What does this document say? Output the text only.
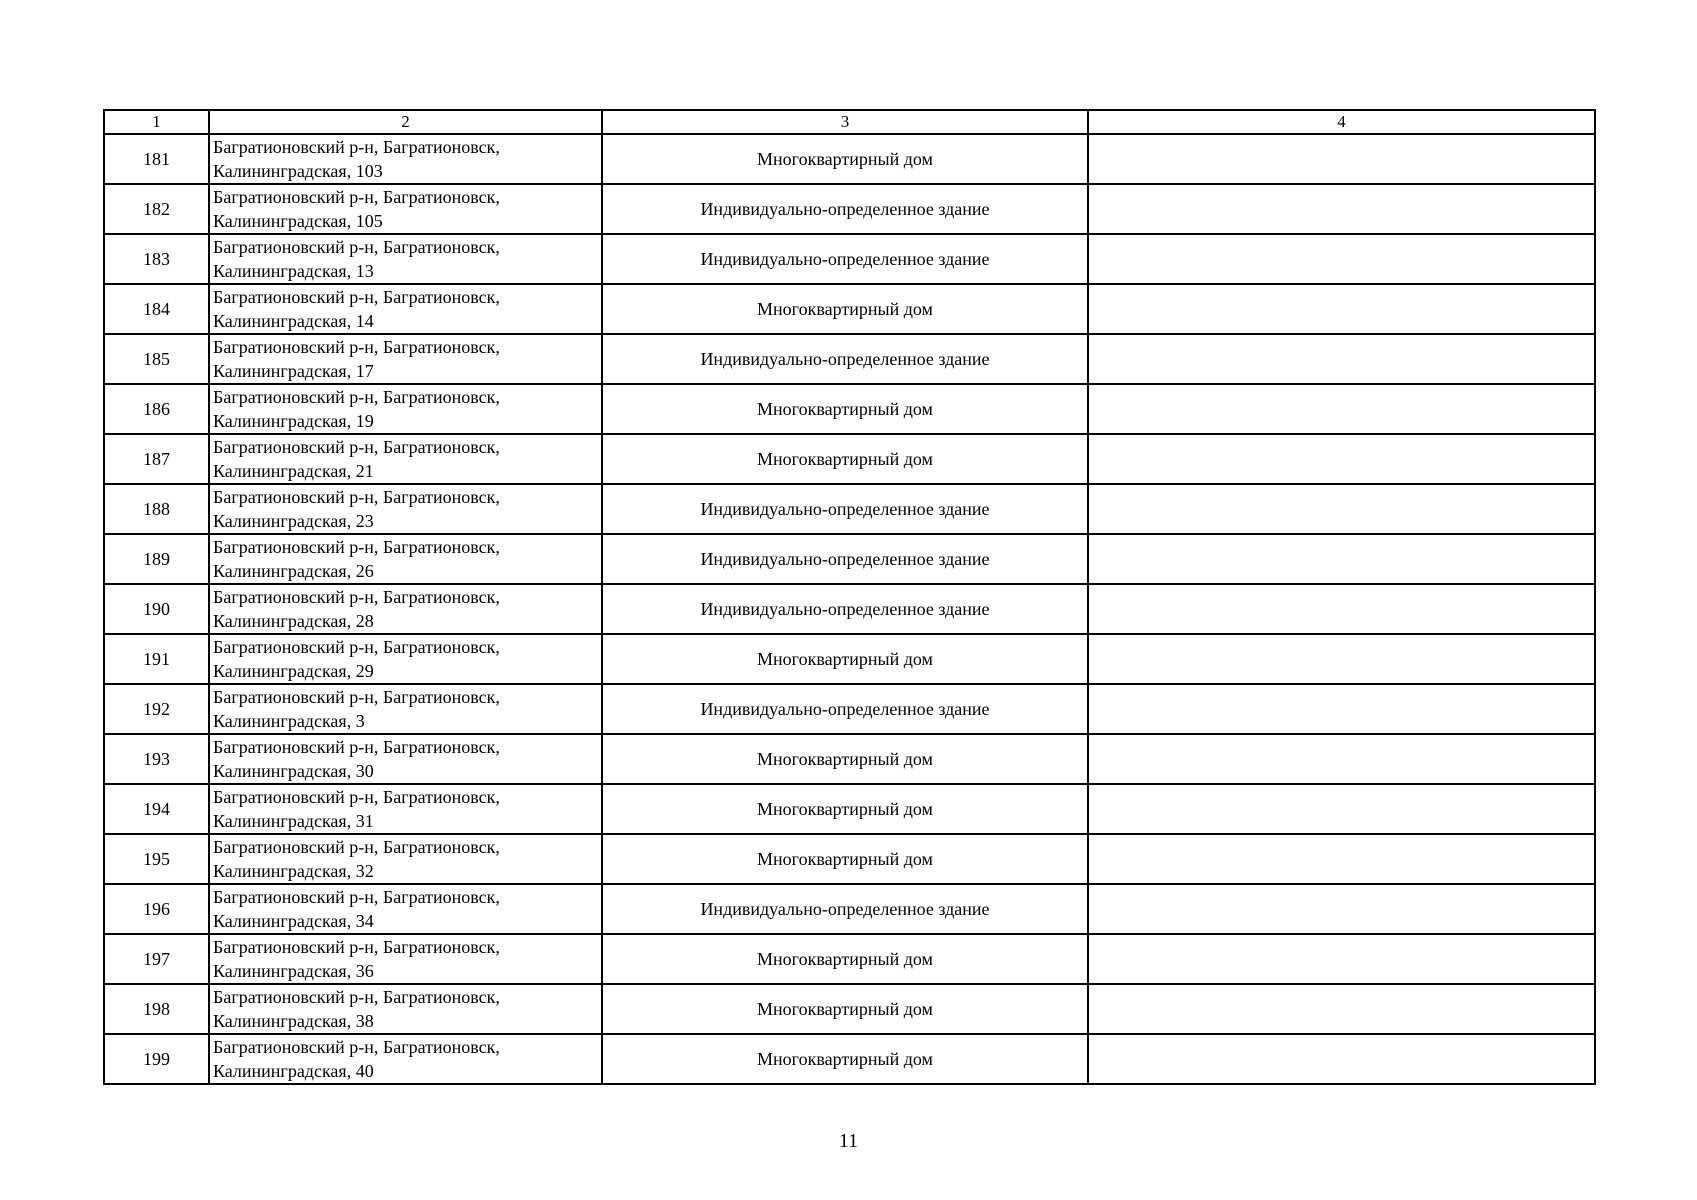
1	2	3	4
181	Багратионовский р-н, Багратионовск,
Калининградская, 103	Многоквартирный дом	
182	Багратионовский р-н, Багратионовск,
Калининградская, 105	Индивидуально-определенное здание	
183	Багратионовский р-н, Багратионовск,
Калининградская, 13	Индивидуально-определенное здание	
184	Багратионовский р-н, Багратионовск,
Калининградская, 14	Многоквартирный дом	
185	Багратионовский р-н, Багратионовск,
Калининградская, 17	Индивидуально-определенное здание	
186	Багратионовский р-н, Багратионовск,
Калининградская, 19	Многоквартирный дом	
187	Багратионовский р-н, Багратионовск,
Калининградская, 21	Многоквартирный дом	
188	Багратионовский р-н, Багратионовск,
Калининградская, 23	Индивидуально-определенное здание	
189	Багратионовский р-н, Багратионовск,
Калининградская, 26	Индивидуально-определенное здание	
190	Багратионовский р-н, Багратионовск,
Калининградская, 28	Индивидуально-определенное здание	
191	Багратионовский р-н, Багратионовск,
Калининградская, 29	Многоквартирный дом	
192	Багратионовский р-н, Багратионовск,
Калининградская, 3	Индивидуально-определенное здание	
193	Багратионовский р-н, Багратионовск,
Калининградская, 30	Многоквартирный дом	
194	Багратионовский р-н, Багратионовск,
Калининградская, 31	Многоквартирный дом	
195	Багратионовский р-н, Багратионовск,
Калининградская, 32	Многоквартирный дом	
196	Багратионовский р-н, Багратионовск,
Калининградская, 34	Индивидуально-определенное здание	
197	Багратионовский р-н, Багратионовск,
Калининградская, 36	Многоквартирный дом	
198	Багратионовский р-н, Багратионовск,
Калининградская, 38	Многоквартирный дом	
199	Багратионовский р-н, Багратионовск,
Калининградская, 40	Многоквартирный дом	
11
